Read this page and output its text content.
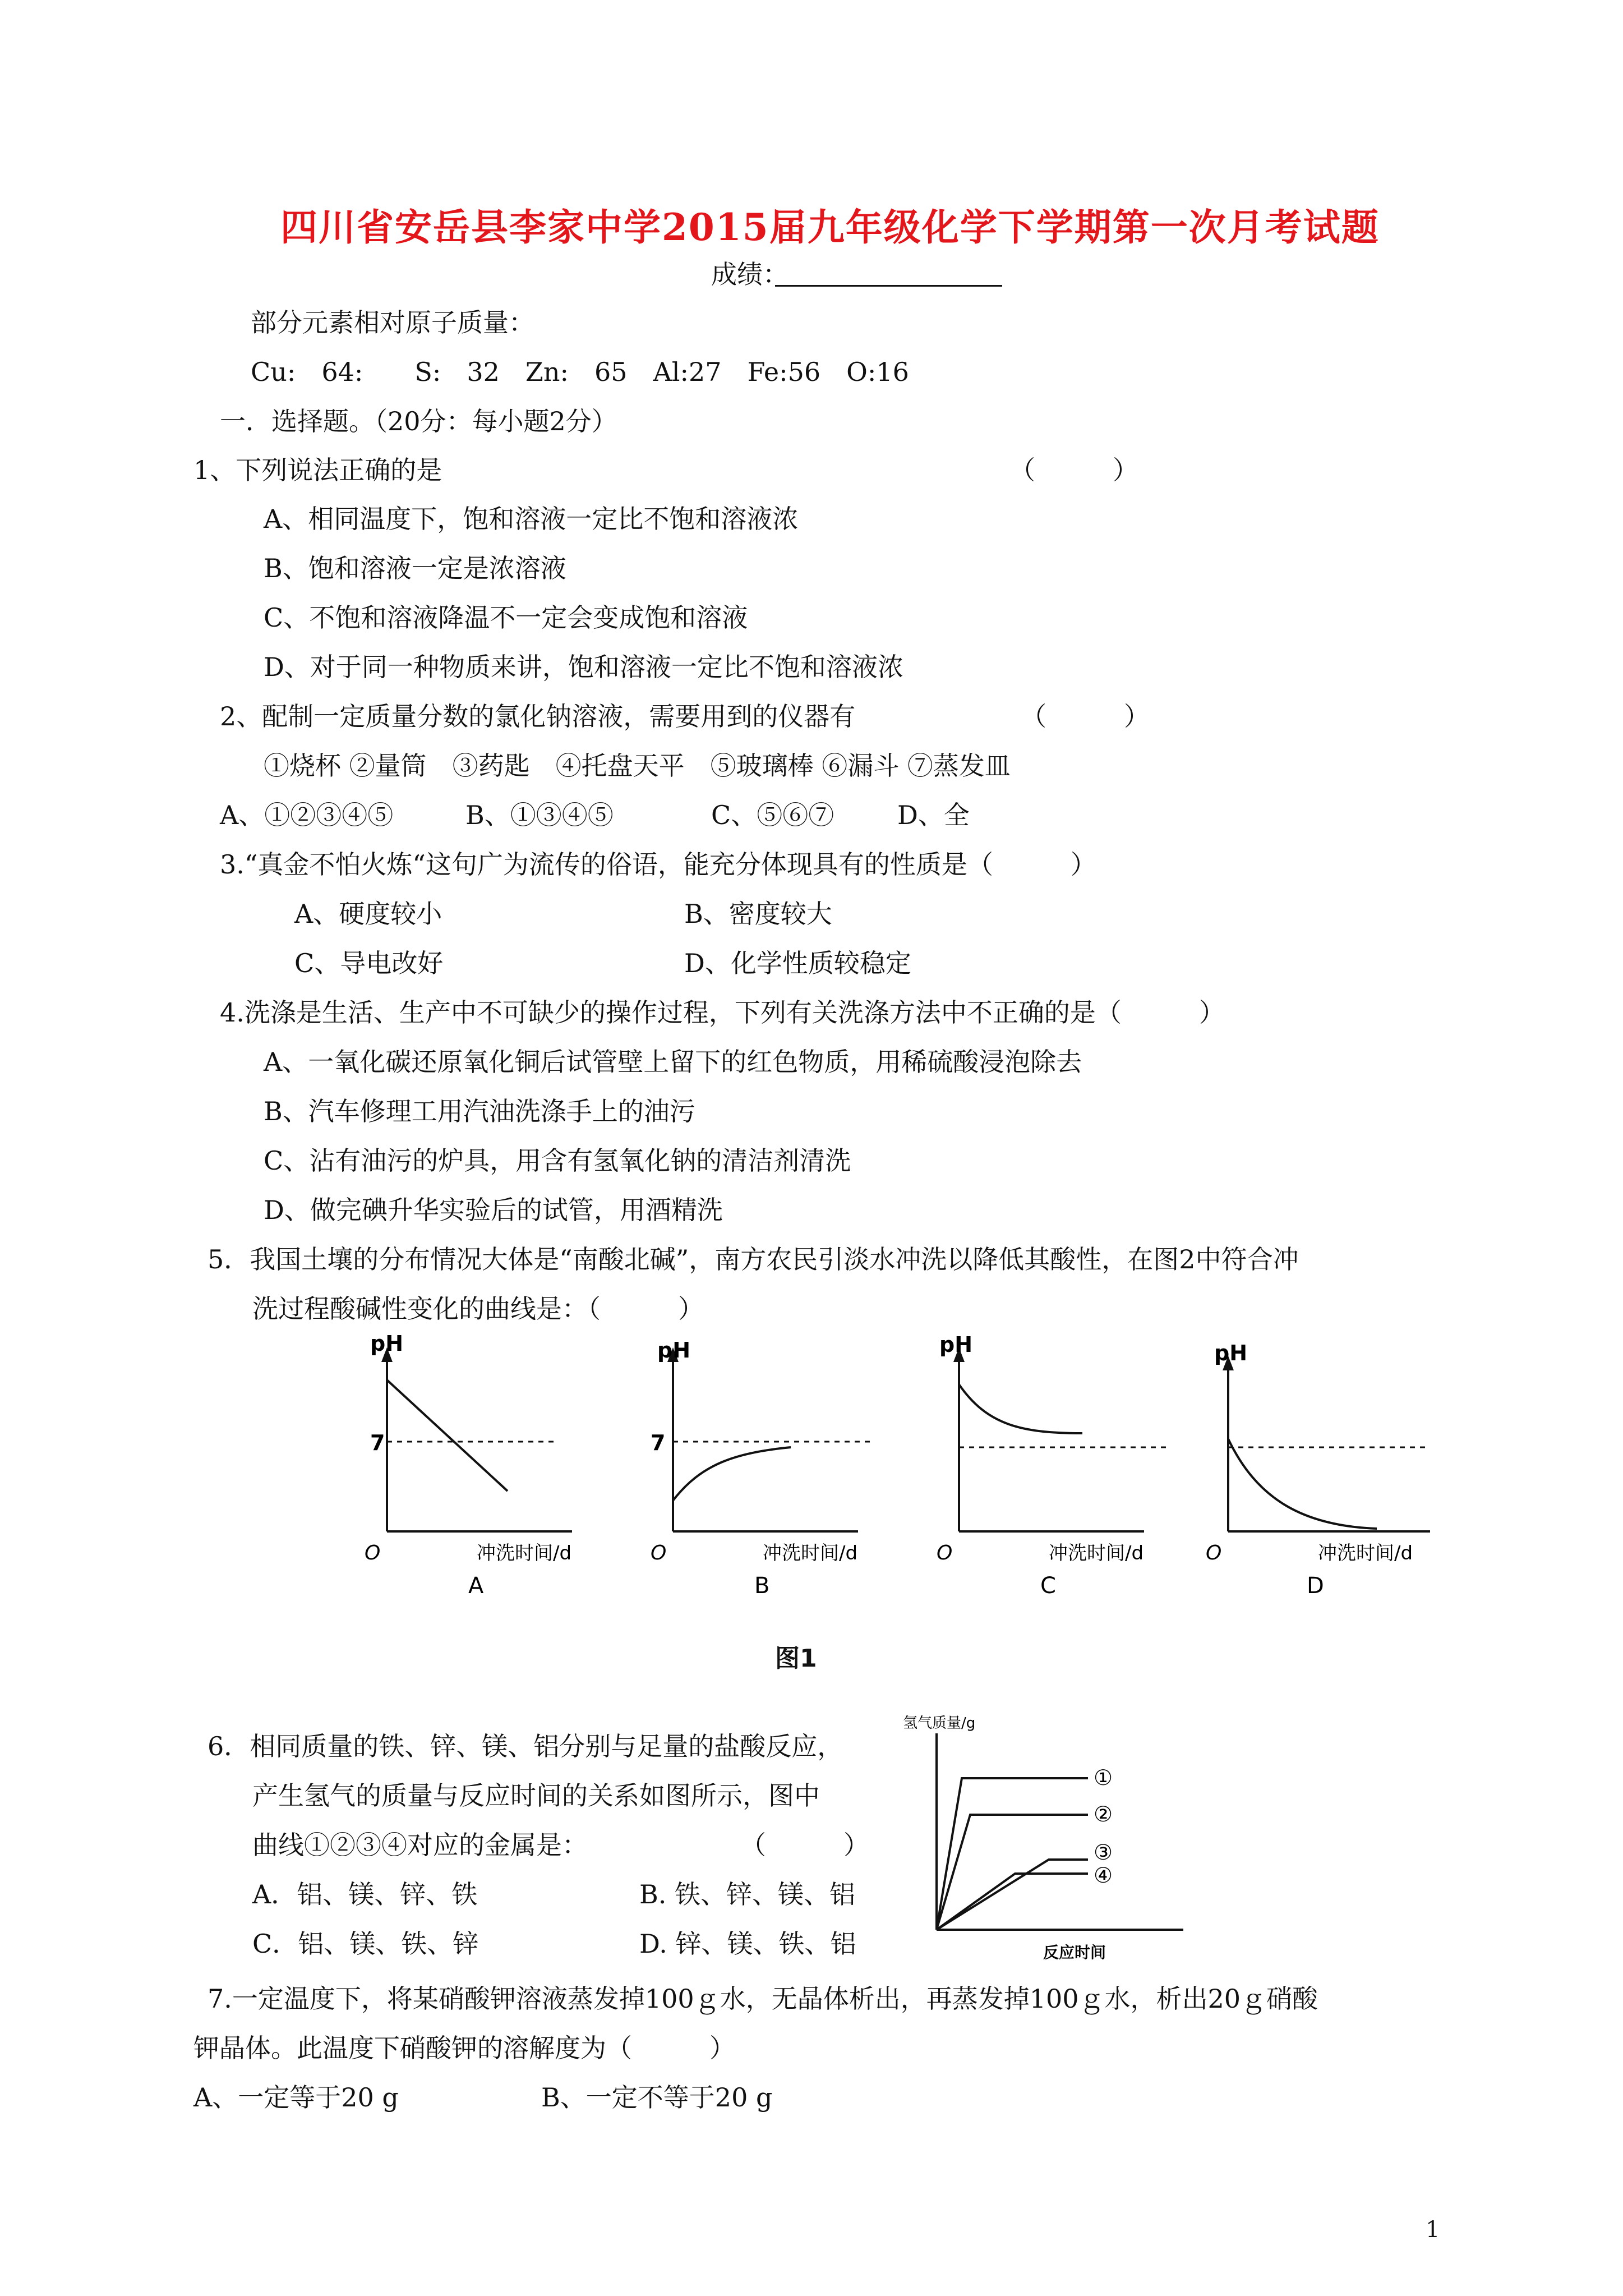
四川省安岳县李家中学2015届九年级化学下学期第一次月考试题
成绩：
部分元素相对原子质量：
Cu:　64:　　S:　32　Zn:　65　Al:27　Fe:56　O:16
一．选择题。（20分：每小题2分）
1、下列说法正确的是	（　　　）
A、相同温度下，饱和溶液一定比不饱和溶液浓
B、饱和溶液一定是浓溶液
C、不饱和溶液降温不一定会变成饱和溶液
D、对于同一种物质来讲，饱和溶液一定比不饱和溶液浓
2、配制一定质量分数的氯化钠溶液，需要用到的仪器有	（　　　）
①烧杯 ②量筒　③药匙　④托盘天平　⑤玻璃棒 ⑥漏斗 ⑦蒸发皿
A、①②③④⑤	B、①③④⑤	C、⑤⑥⑦ D、全
3.“真金不怕火炼“这句广为流传的俗语，能充分体现具有的性质是（　　　）
A、硬度较小	B、密度较大
C、导电改好	D、化学性质较稳定
4.洗涤是生活、生产中不可缺少的操作过程，下列有关洗涤方法中不正确的是（　　　）
A、一氧化碳还原氧化铜后试管壁上留下的红色物质，用稀硫酸浸泡除去
B、汽车修理工用汽油洗涤手上的油污
C、沾有油污的炉具，用含有氢氧化钠的清洁剂清洗
D、做完碘升华实验后的试管，用酒精洗
5．我国土壤的分布情况大体是“南酸北碱”，南方农民引淡水冲洗以降低其酸性，在图2中符合冲
洗过程酸碱性变化的曲线是：（　　　）
pH
7
O	冲洗时间/d
A
pH
7
O	冲洗时间/d
B
pH
O	冲洗时间/d
C
pH
O	冲洗时间/d
D
图1
6．相同质量的铁、锌、镁、铝分别与足量的盐酸反应，
产生氢气的质量与反应时间的关系如图所示，图中
曲线①②③④对应的金属是：	（　　　）
A．铝、镁、锌、铁	B. 铁、锌、镁、铝
C．铝、镁、铁、锌	D. 锌、镁、铁、铝
①
②
③
④
氢气质量/g
反应时间
7.一定温度下，将某硝酸钾溶液蒸发掉100ｇ水，无晶体析出，再蒸发掉100ｇ水，析出20ｇ硝酸
钾晶体。此温度下硝酸钾的溶解度为（　　　）
A、一定等于20 g	B、一定不等于20 g
1
